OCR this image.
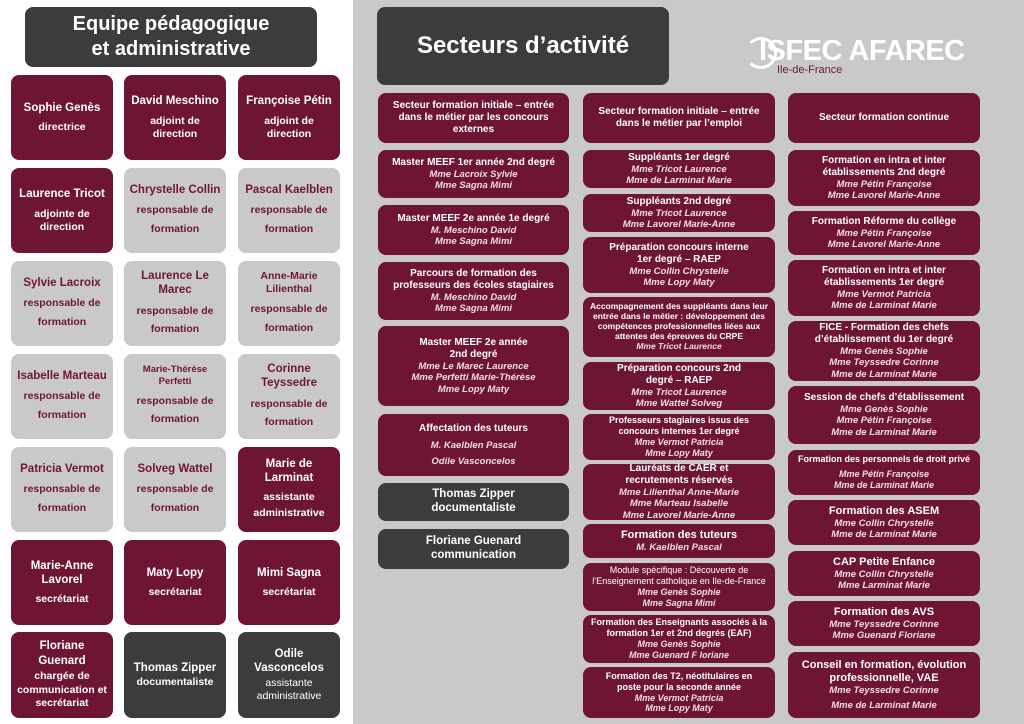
Equipe pédagogique
et administrative
Sophie Genès
directrice
David Meschino
adjoint de direction
Françoise Pétin
adjoint de direction
Laurence Tricot
adjointe de direction
Chrystelle Collin
responsable de formation
Pascal Kaelblen
responsable de formation
Sylvie Lacroix
responsable de formation
Laurence Le Marec
responsable de formation
Anne-Marie Lilienthal
responsable de formation
Isabelle Marteau
responsable de formation
Marie-Thérèse Perfetti
responsable de formation
Corinne Teyssedre
responsable de formation
Patricia Vermot
responsable de formation
Solveg Wattel
responsable de formation
Marie de Larminat
assistante administrative
Marie-Anne Lavorel
secrétariat
Maty Lopy
secrétariat
Mimi Sagna
secrétariat
Floriane Guenard
chargée de communication et secrétariat
Thomas Zipper
documentaliste
Odile Vasconcelos
assistante administrative
Secteurs d’activité	ISFEC AFAREC
Ile-de-France
Secteur formation initiale – entrée dans le métier par les concours externes
Master MEEF 1er année 2nd degré
Mme Lacroix Sylvie
Mme Sagna Mimi
Master MEEF 2e année 1e degré
M. Meschino David
Mme Sagna Mimi
Parcours de formation des professeurs des écoles stagiaires
M. Meschino David
Mme Sagna Mimi
Master MEEF 2e année 2nd degré
Mme Le Marec Laurence
Mme Perfetti Marie-Thérèse
Mme Lopy Maty
Affectation des tuteurs
M. Kaelblen Pascal
Odile Vasconcelos
Thomas Zipper documentaliste
Floriane Guenard communication
Secteur formation initiale – entrée dans le métier par l’emploi
Suppléants 1er degré
Mme Tricot Laurence
Mme de Larminat Marie
Suppléants 2nd degré
Mme Tricot Laurence
Mme Lavorel Marie-Anne
Préparation concours interne 1er degré – RAEP
Mme Collin Chrystelle
Mme Lopy Maty
Accompagnement des suppléants dans leur entrée dans le métier : développement des compétences professionnelles liées aux attentes des épreuves du CRPE
Mme Tricot Laurence
Préparation concours 2nd degré – RAEP
Mme Tricot Laurence
Mme Wattel Solveg
Professeurs stagiaires issus des concours internes 1er degré
Mme Vermot Patricia
Mme Lopy Maty
Lauréats de CAER et recrutements réservés
Mme Lilienthal Anne-Marie
Mme Marteau Isabelle
Mme Lavorel Marie-Anne
Formation des tuteurs
M. Kaelblen Pascal
Module spécifique : Découverte de l’Enseignement catholique en Ile-de-France
Mme Genès Sophie
Mme Sagna Mimi
Formation des Enseignants associés à la formation 1er et 2nd degrés (EAF)
Mme Genès Sophie
Mme Guenard F loriane
Formation des T2, néotitulaires en poste pour la seconde année
Mme Vermot Patricia
Mme Lopy Maty
Secteur formation continue
Formation en intra et inter établissements 2nd degré
Mme Pétin Françoise
Mme Lavorel Marie-Anne
Formation Réforme du collège
Mme Pétin Françoise
Mme Lavorel Marie-Anne
Formation en intra et inter établissements 1er degré
Mme Vermot Patricia
Mme de Larminat Marie
FICE - Formation des chefs d’établissement du 1er degré
Mme Genès Sophie
Mme Teyssedre Corinne
Mme de Larminat Marie
Session de chefs d’établissement
Mme Genès Sophie
Mme Pétin Françoise
Mme de Larminat Marie
Formation des personnels de droit privé
Mme Pétin Françoise
Mme de Larminat Marie
Formation des ASEM
Mme Collin Chrystelle
Mme de Larminat Marie
CAP Petite Enfance
Mme Collin Chrystelle
Mme Larminat Marie
Formation des AVS
Mme Teyssedre Corinne
Mme Guenard Floriane
Conseil en formation, évolution professionnelle, VAE
Mme Teyssedre Corinne
Mme de Larminat Marie
